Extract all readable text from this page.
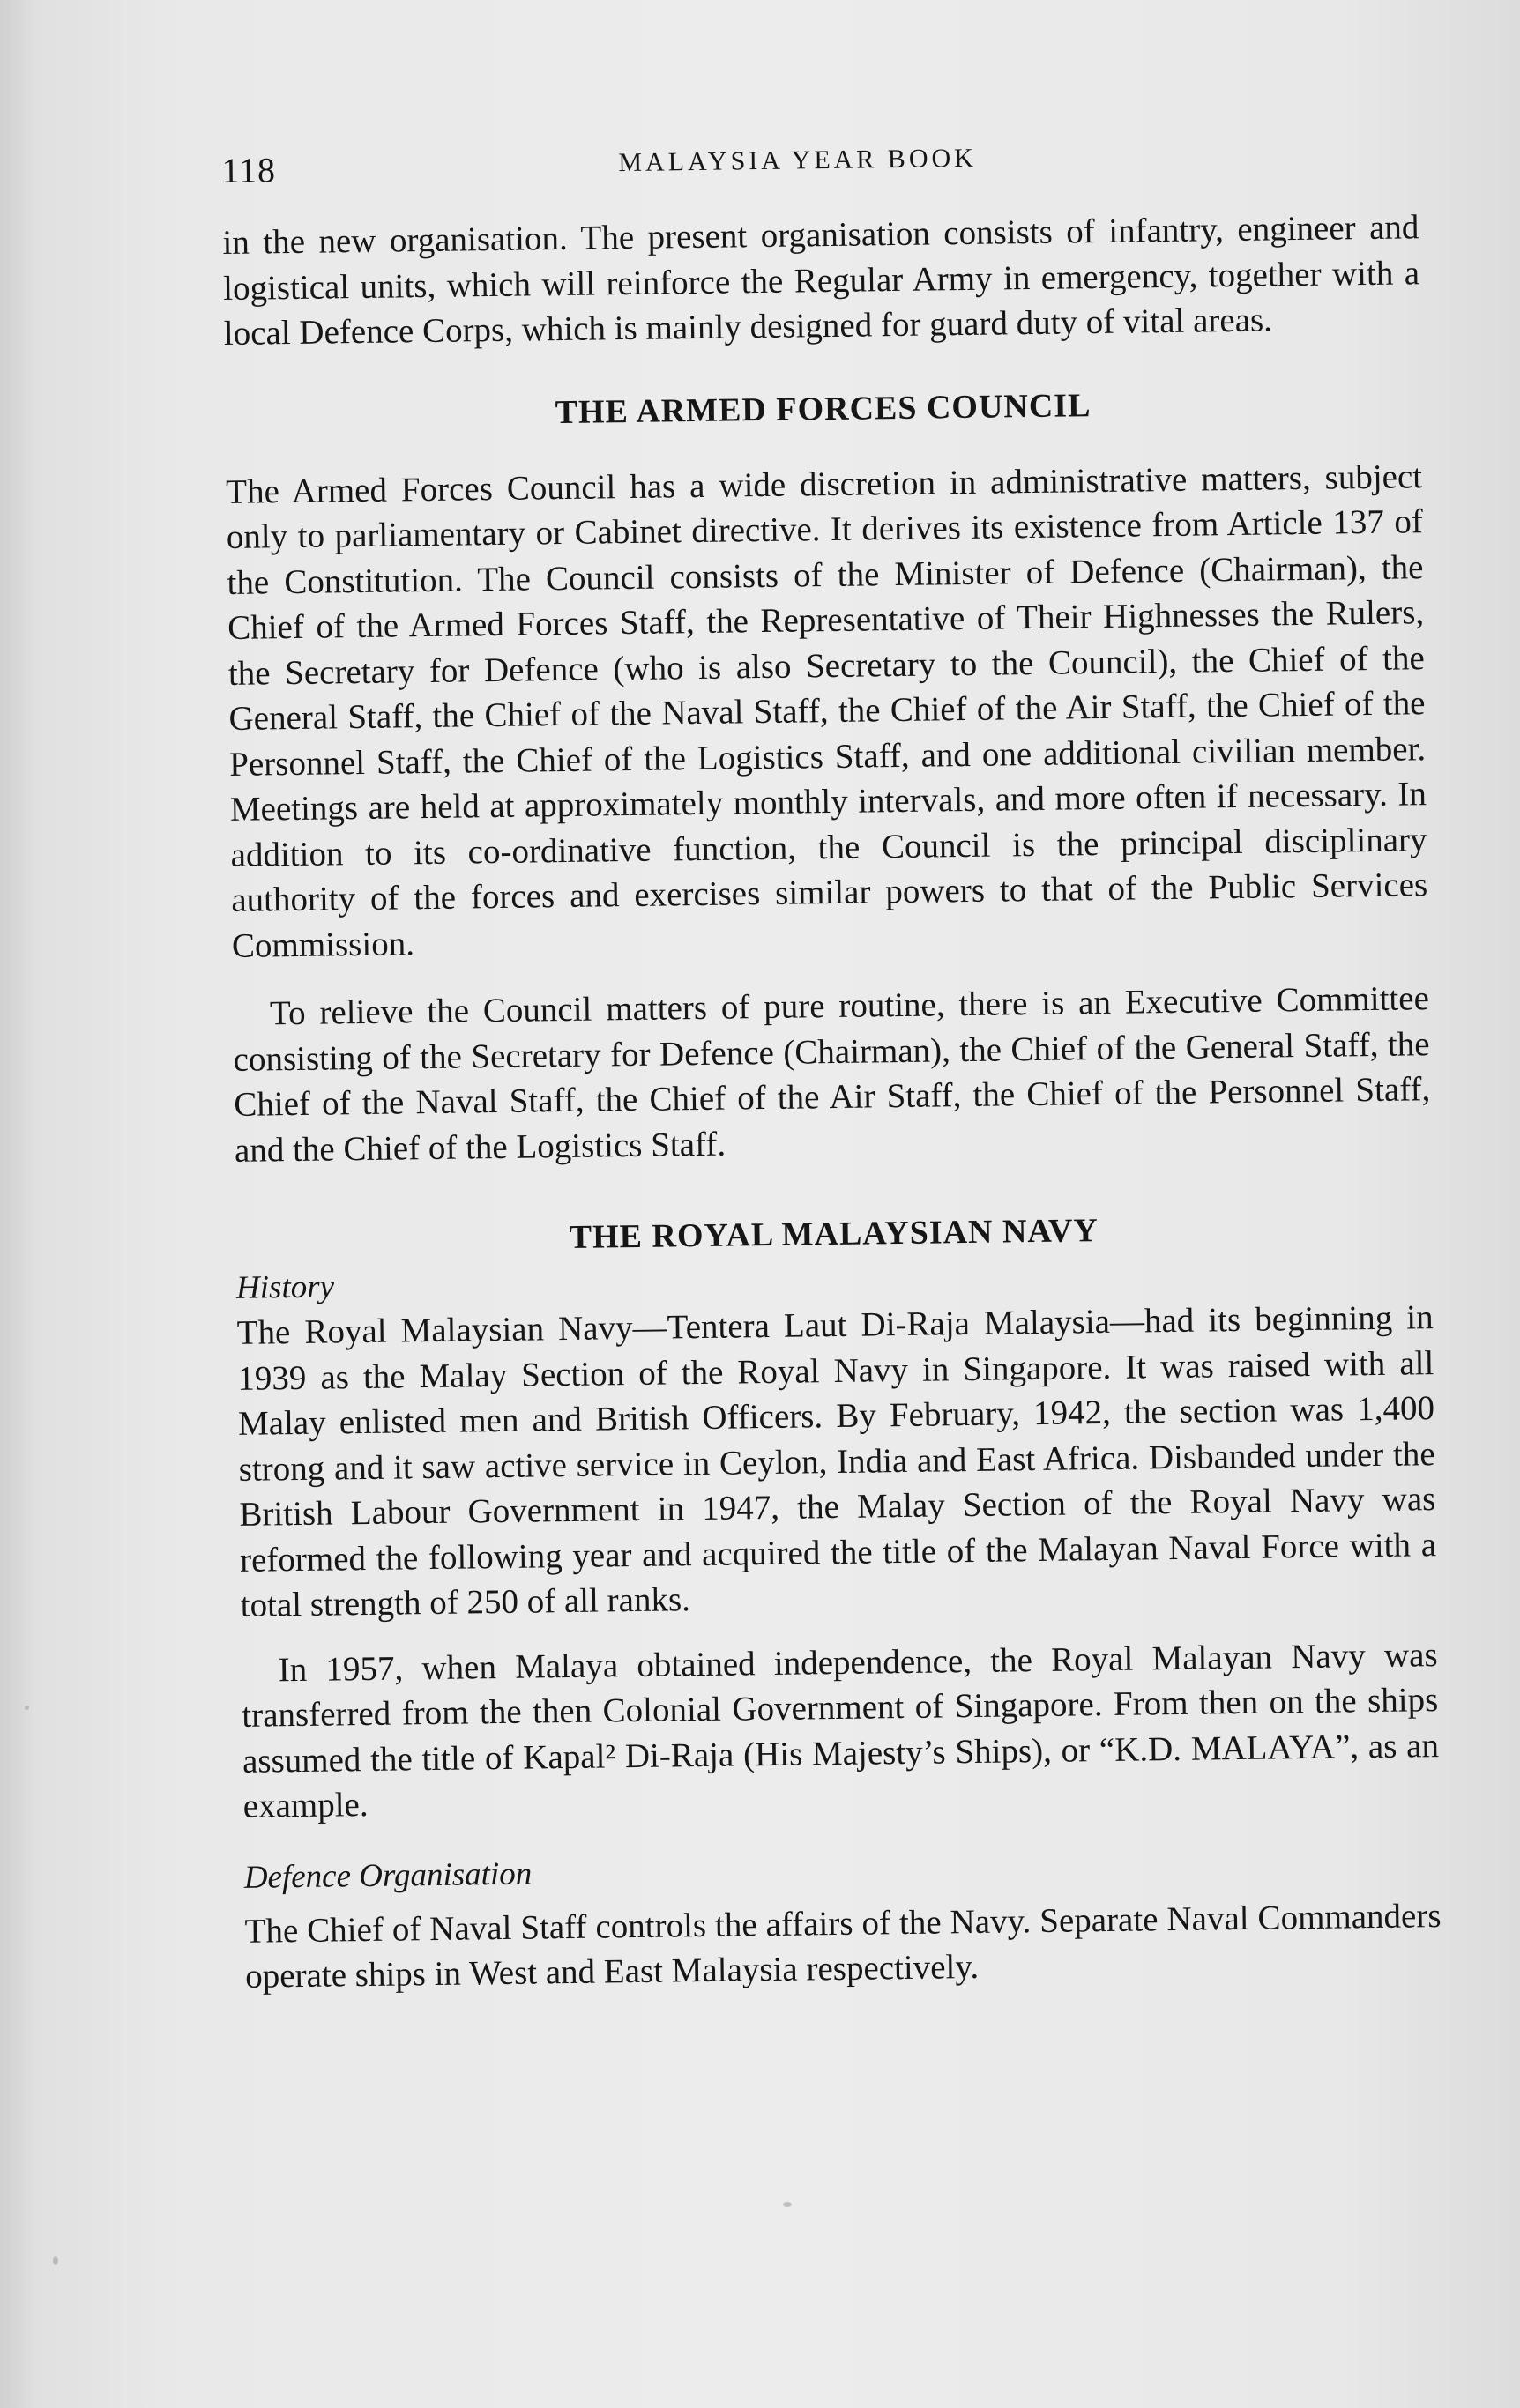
118	MALAYSIA YEAR BOOK

in the new organisation. The present organisation consists of infantry, engineer and logistical units, which will reinforce the Regular Army in emergency, together with a local Defence Corps, which is mainly designed for guard duty of vital areas.

THE ARMED FORCES COUNCIL

The Armed Forces Council has a wide discretion in administrative matters, subject only to parliamentary or Cabinet directive. It derives its existence from Article 137 of the Constitution. The Council consists of the Minister of Defence (Chairman), the Chief of the Armed Forces Staff, the Representative of Their Highnesses the Rulers, the Secretary for Defence (who is also Secretary to the Council), the Chief of the General Staff, the Chief of the Naval Staff, the Chief of the Air Staff, the Chief of the Personnel Staff, the Chief of the Logistics Staff, and one additional civilian member. Meetings are held at approximately monthly intervals, and more often if necessary. In addition to its co-ordinative function, the Council is the principal disciplinary authority of the forces and exercises similar powers to that of the Public Services Commission.

To relieve the Council matters of pure routine, there is an Executive Committee consisting of the Secretary for Defence (Chairman), the Chief of the General Staff, the Chief of the Naval Staff, the Chief of the Air Staff, the Chief of the Personnel Staff, and the Chief of the Logistics Staff.

THE ROYAL MALAYSIAN NAVY
History

The Royal Malaysian Navy—Tentera Laut Di-Raja Malaysia—had its beginning in 1939 as the Malay Section of the Royal Navy in Singapore. It was raised with all Malay enlisted men and British Officers. By February, 1942, the section was 1,400 strong and it saw active service in Ceylon, India and East Africa. Disbanded under the British Labour Government in 1947, the Malay Section of the Royal Navy was reformed the following year and acquired the title of the Malayan Naval Force with a total strength of 250 of all ranks.

In 1957, when Malaya obtained independence, the Royal Malayan Navy was transferred from the then Colonial Government of Singapore. From then on the ships assumed the title of Kapal² Di-Raja (His Majesty’s Ships), or “K.D. MALAYA”, as an example.

Defence Organisation

The Chief of Naval Staff controls the affairs of the Navy. Separate Naval Commanders operate ships in West and East Malaysia respectively.
